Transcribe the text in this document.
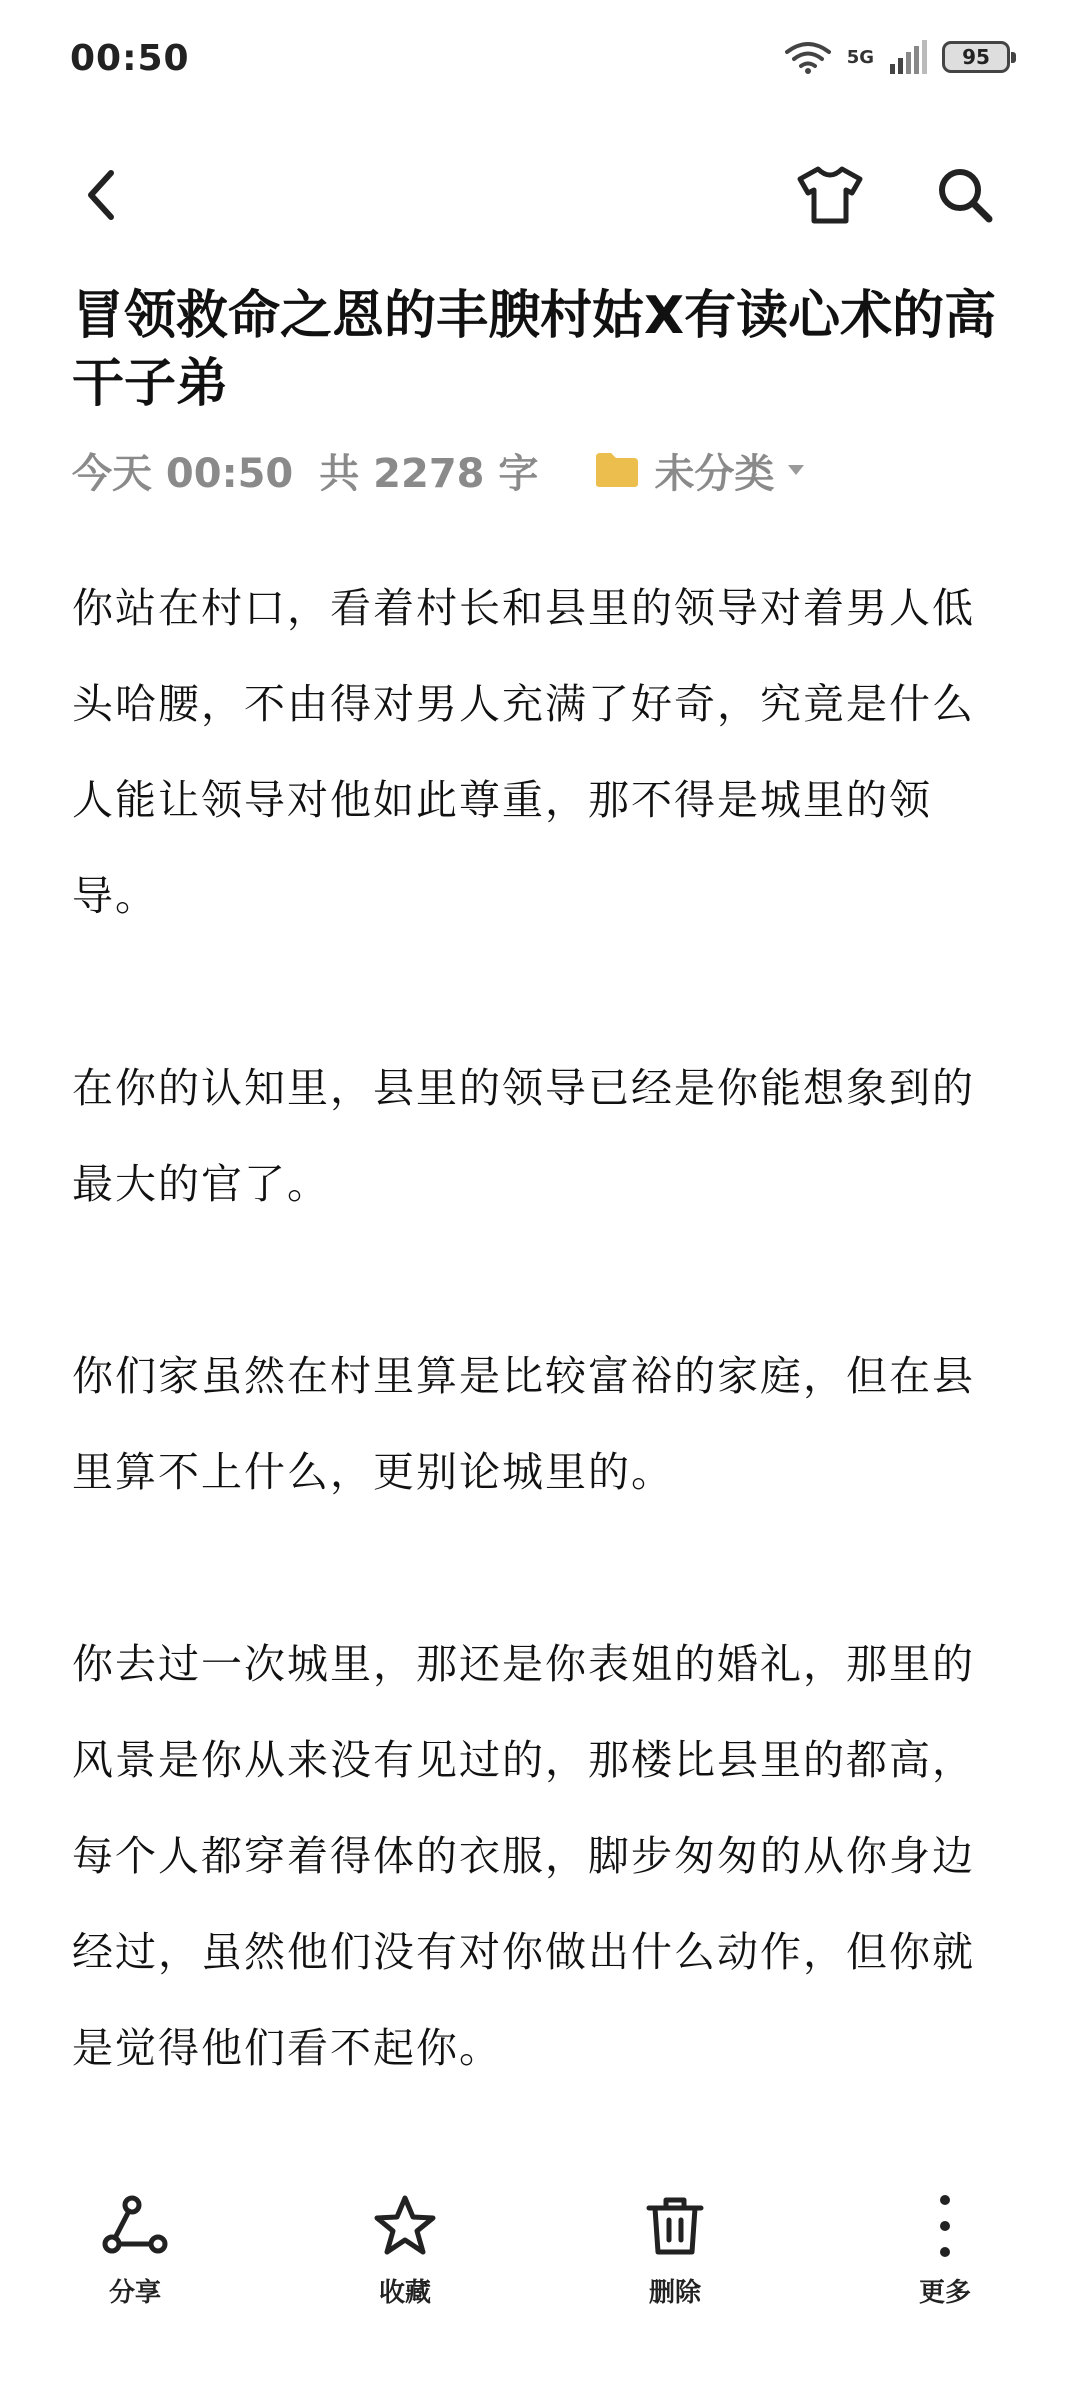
00:50	5G	95
冒领救命之恩的丰腴村姑X有读心术的高干子弟
今天 00:50 共 2278 字	未分类

你站在村口，看着村长和县里的领导对着男人低头哈腰，不由得对男人充满了好奇，究竟是什么人能让领导对他如此尊重，那不得是城里的领导。

在你的认知里，县里的领导已经是你能想象到的最大的官了。

你们家虽然在村里算是比较富裕的家庭，但在县里算不上什么，更别论城里的。

你去过一次城里，那还是你表姐的婚礼，那里的风景是你从来没有见过的，那楼比县里的都高，每个人都穿着得体的衣服，脚步匆匆的从你身边经过，虽然他们没有对你做出什么动作，但你就是觉得他们看不起你。

分享	收藏	删除	更多
